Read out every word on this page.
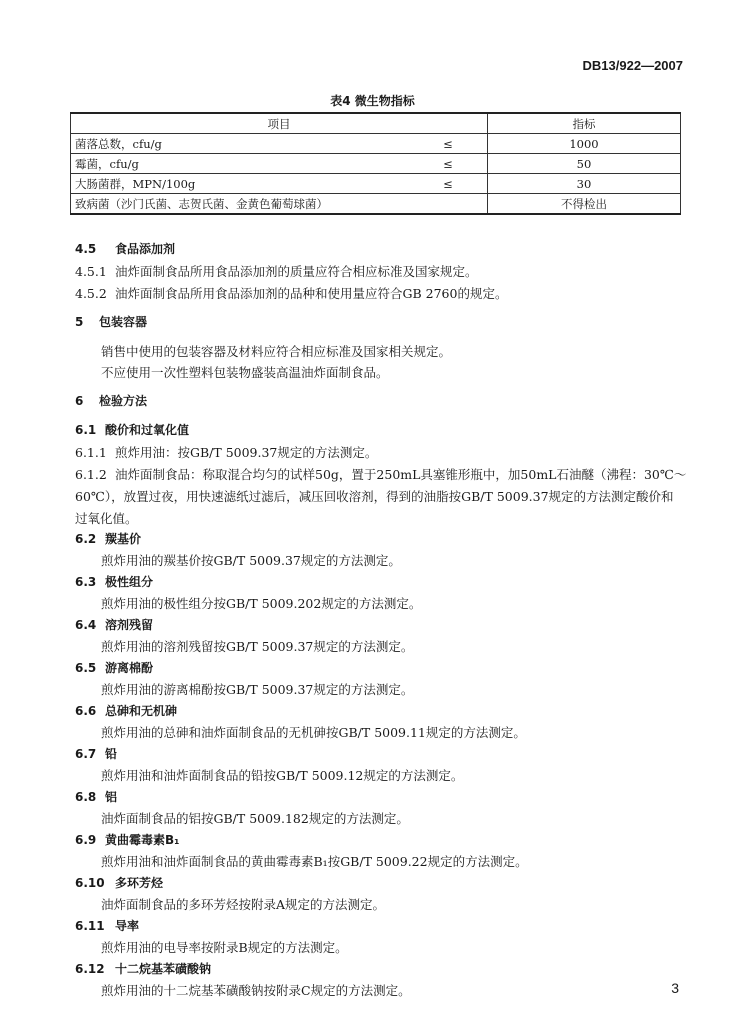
DB13/922—2007
表4 微生物指标
项目		指标
菌落总数，cfu/g	≤	1000
霉菌，cfu/g	≤	50
大肠菌群，MPN/100g	≤	30
致病菌（沙门氏菌、志贺氏菌、金黄色葡萄球菌）		不得检出
4.5 食品添加剂
4.5.1 油炸面制食品所用食品添加剂的质量应符合相应标准及国家规定。
4.5.2 油炸面制食品所用食品添加剂的品种和使用量应符合GB 2760的规定。
5 包装容器
销售中使用的包装容器及材料应符合相应标准及国家相关规定。
不应使用一次性塑料包装物盛装高温油炸面制食品。
6 检验方法
6.1 酸价和过氧化值
6.1.1 煎炸用油：按GB/T 5009.37规定的方法测定。
6.1.2 油炸面制食品：称取混合均匀的试样50g，置于250mL具塞锥形瓶中，加50mL石油醚（沸程：30℃～
60℃），放置过夜，用快速滤纸过滤后，减压回收溶剂，得到的油脂按GB/T 5009.37规定的方法测定酸价和
过氧化值。
6.2 羰基价
煎炸用油的羰基价按GB/T 5009.37规定的方法测定。
6.3 极性组分
煎炸用油的极性组分按GB/T 5009.202规定的方法测定。
6.4 溶剂残留
煎炸用油的溶剂残留按GB/T 5009.37规定的方法测定。
6.5 游离棉酚
煎炸用油的游离棉酚按GB/T 5009.37规定的方法测定。
6.6 总砷和无机砷
煎炸用油的总砷和油炸面制食品的无机砷按GB/T 5009.11规定的方法测定。
6.7 铅
煎炸用油和油炸面制食品的铅按GB/T 5009.12规定的方法测定。
6.8 铝
油炸面制食品的铝按GB/T 5009.182规定的方法测定。
6.9 黄曲霉毒素B₁
煎炸用油和油炸面制食品的黄曲霉毒素B₁按GB/T 5009.22规定的方法测定。
6.10 多环芳烃
油炸面制食品的多环芳烃按附录A规定的方法测定。
6.11 导率
煎炸用油的电导率按附录B规定的方法测定。
6.12 十二烷基苯磺酸钠
煎炸用油的十二烷基苯磺酸钠按附录C规定的方法测定。	3
